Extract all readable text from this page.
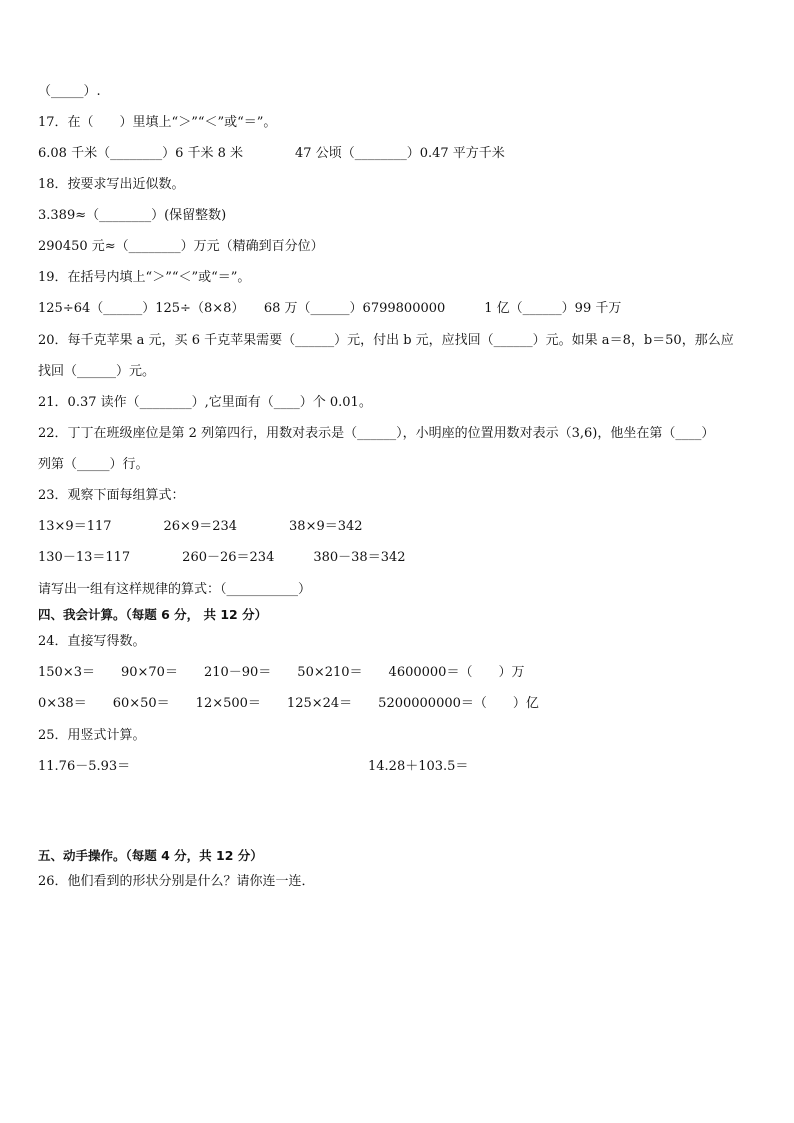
（_____）.
17．在（　　）里填上“＞”“＜”或“＝”。
6.08 千米（________）6 千米 8 米　　　　47 公顷（________）0.47 平方千米
18．按要求写出近似数。
3.389≈（________）(保留整数)
290450 元≈（________）万元（精确到百分位）
19．在括号内填上“＞”“＜”或“＝”。
125÷64（______）125÷（8×8）　　68 万（______）6799800000　　　1 亿（______）99 千万
20．每千克苹果 a 元，买 6 千克苹果需要（______）元，付出 b 元，应找回（______）元。如果 a＝8，b＝50，那么应
找回（______）元。
21．0.37 读作（________）,它里面有（____）个 0.01。
22．丁丁在班级座位是第 2 列第四行，用数对表示是（______），小明座的位置用数对表示（3,6)，他坐在第（____）
列第（_____）行。
23．观察下面每组算式：
13×9＝117　　　　26×9＝234　　　　38×9＝342
130－13＝117　　　　260－26＝234　　　380－38＝342
请写出一组有这样规律的算式：（___________）
四、我会计算。（每题 6 分， 共 12 分）
24．直接写得数。
150×3＝　　90×70＝　　210－90＝　　50×210＝　　4600000＝（　　）万
0×38＝　　60×50＝　　12×500＝　　125×24＝　　5200000000＝（　　）亿
25．用竖式计算。
11.76－5.93＝	14.28＋103.5＝
五、动手操作。（每题 4 分，共 12 分）
26．他们看到的形状分别是什么？请你连一连．
